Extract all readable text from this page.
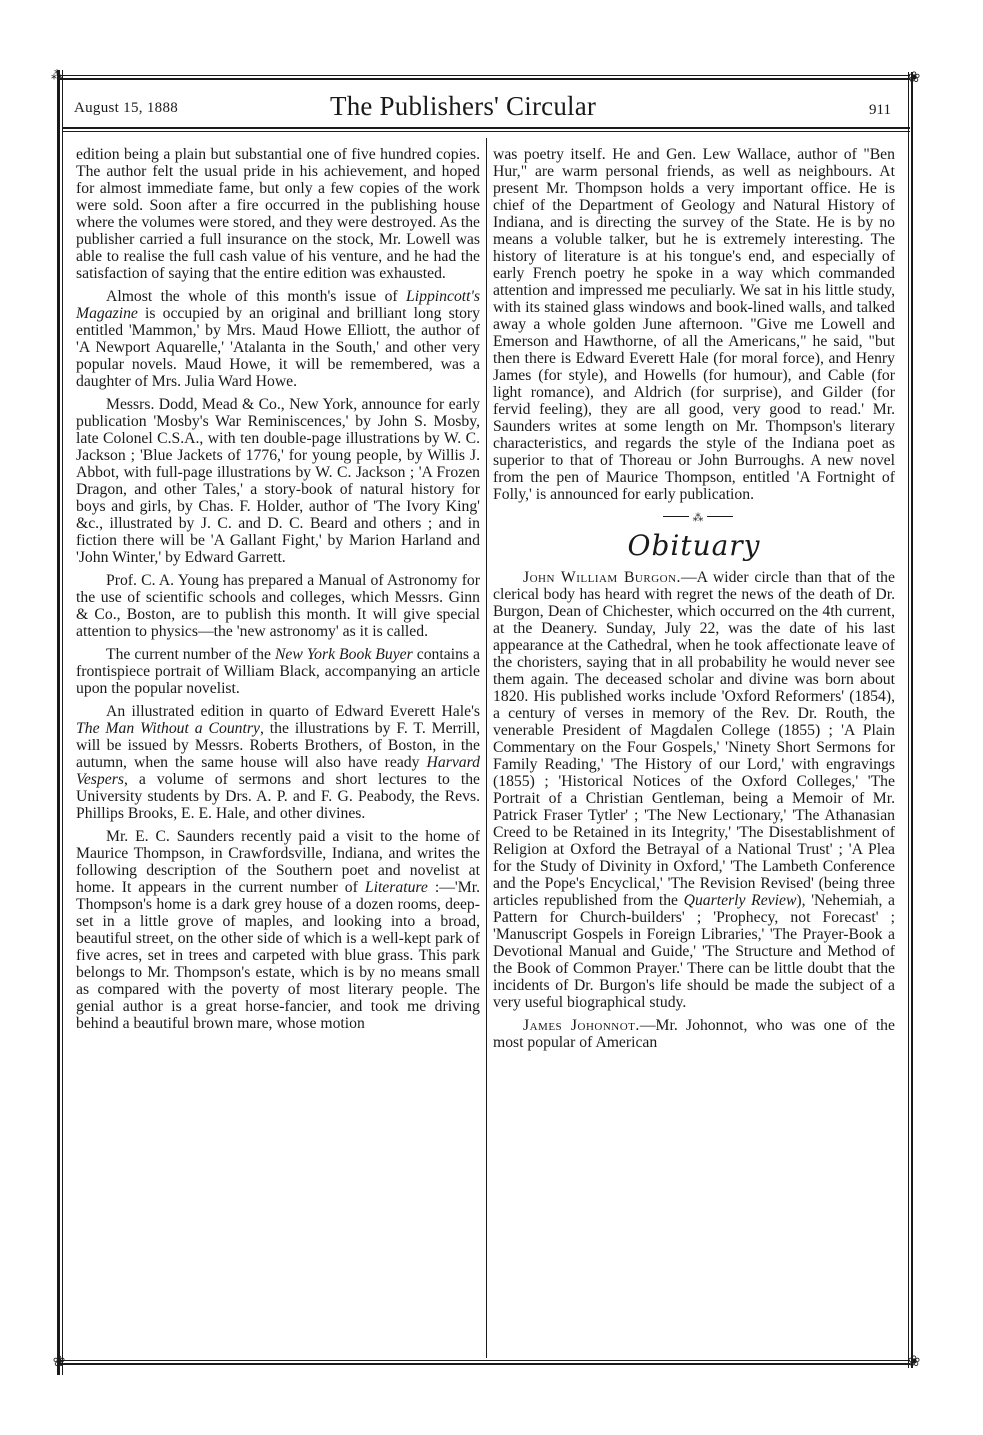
❀
⁂
❀	❀
August 15, 1888	The Publishers' Circular	911

edition being a plain but substantial one of five hundred copies. The author felt the usual pride in his achievement, and hoped for almost immediate fame, but only a few copies of the work were sold. Soon after a fire occurred in the publishing house where the volumes were stored, and they were destroyed. As the publisher carried a full insurance on the stock, Mr. Lowell was able to realise the full cash value of his venture, and he had the satisfaction of saying that the entire edition was exhausted.

Almost the whole of this month's issue of Lippincott's Magazine is occupied by an original and brilliant long story entitled 'Mammon,' by Mrs. Maud Howe Elliott, the author of 'A Newport Aquarelle,' 'Atalanta in the South,' and other very popular novels. Maud Howe, it will be remembered, was a daughter of Mrs. Julia Ward Howe.

Messrs. Dodd, Mead & Co., New York, announce for early publication 'Mosby's War Reminiscences,' by John S. Mosby, late Colonel C.S.A., with ten double-page illustrations by W. C. Jackson ; 'Blue Jackets of 1776,' for young people, by Willis J. Abbot, with full-page illustrations by W. C. Jackson ; 'A Frozen Dragon, and other Tales,' a story-book of natural history for boys and girls, by Chas. F. Holder, author of 'The Ivory King' &c., illustrated by J. C. and D. C. Beard and others ; and in fiction there will be 'A Gallant Fight,' by Marion Harland and 'John Winter,' by Edward Garrett.

Prof. C. A. Young has prepared a Manual of Astronomy for the use of scientific schools and colleges, which Messrs. Ginn & Co., Boston, are to publish this month. It will give special attention to physics—the 'new astronomy' as it is called.

The current number of the New York Book Buyer contains a frontispiece portrait of William Black, accompanying an article upon the popular novelist.

An illustrated edition in quarto of Edward Everett Hale's The Man Without a Country, the illustrations by F. T. Merrill, will be issued by Messrs. Roberts Brothers, of Boston, in the autumn, when the same house will also have ready Harvard Vespers, a volume of sermons and short lectures to the University students by Drs. A. P. and F. G. Peabody, the Revs. Phillips Brooks, E. E. Hale, and other divines.

Mr. E. C. Saunders recently paid a visit to the home of Maurice Thompson, in Crawfordsville, Indiana, and writes the following description of the Southern poet and novelist at home. It appears in the current number of Literature :—'Mr. Thompson's home is a dark grey house of a dozen rooms, deep-set in a little grove of maples, and looking into a broad, beautiful street, on the other side of which is a well-kept park of five acres, set in trees and carpeted with blue grass. This park belongs to Mr. Thompson's estate, which is by no means small as compared with the poverty of most literary people. The genial author is a great horse-fancier, and took me driving behind a beautiful brown mare, whose motion

was poetry itself. He and Gen. Lew Wallace, author of "Ben Hur," are warm personal friends, as well as neighbours. At present Mr. Thompson holds a very important office. He is chief of the Department of Geology and Natural History of Indiana, and is directing the survey of the State. He is by no means a voluble talker, but he is extremely interesting. The history of literature is at his tongue's end, and especially of early French poetry he spoke in a way which commanded attention and impressed me peculiarly. We sat in his little study, with its stained glass windows and book-lined walls, and talked away a whole golden June afternoon. "Give me Lowell and Emerson and Hawthorne, of all the Americans," he said, "but then there is Edward Everett Hale (for moral force), and Henry James (for style), and Howells (for humour), and Cable (for light romance), and Aldrich (for surprise), and Gilder (for fervid feeling), they are all good, very good to read.' Mr. Saunders writes at some length on Mr. Thompson's literary characteristics, and regards the style of the Indiana poet as superior to that of Thoreau or John Burroughs. A new novel from the pen of Maurice Thompson, entitled 'A Fortnight of Folly,' is announced for early publication.

⁂
Obituary

John William Burgon.—A wider circle than that of the clerical body has heard with regret the news of the death of Dr. Burgon, Dean of Chichester, which occurred on the 4th current, at the Deanery. Sunday, July 22, was the date of his last appearance at the Cathedral, when he took affectionate leave of the choristers, saying that in all probability he would never see them again. The deceased scholar and divine was born about 1820. His published works include 'Oxford Reformers' (1854), a century of verses in memory of the Rev. Dr. Routh, the venerable President of Magdalen College (1855) ; 'A Plain Commentary on the Four Gospels,' 'Ninety Short Sermons for Family Reading,' 'The History of our Lord,' with engravings (1855) ; 'Historical Notices of the Oxford Colleges,' 'The Portrait of a Christian Gentleman, being a Memoir of Mr. Patrick Fraser Tytler' ; 'The New Lectionary,' 'The Athanasian Creed to be Retained in its Integrity,' 'The Disestablishment of Religion at Oxford the Betrayal of a National Trust' ; 'A Plea for the Study of Divinity in Oxford,' 'The Lambeth Conference and the Pope's Encyclical,' 'The Revision Revised' (being three articles republished from the Quarterly Review), 'Nehemiah, a Pattern for Church-builders' ; 'Prophecy, not Forecast' ; 'Manuscript Gospels in Foreign Libraries,' 'The Prayer-Book a Devotional Manual and Guide,' 'The Structure and Method of the Book of Common Prayer.' There can be little doubt that the incidents of Dr. Burgon's life should be made the subject of a very useful biographical study.

James Johonnot.—Mr. Johonnot, who was one of the most popular of American
